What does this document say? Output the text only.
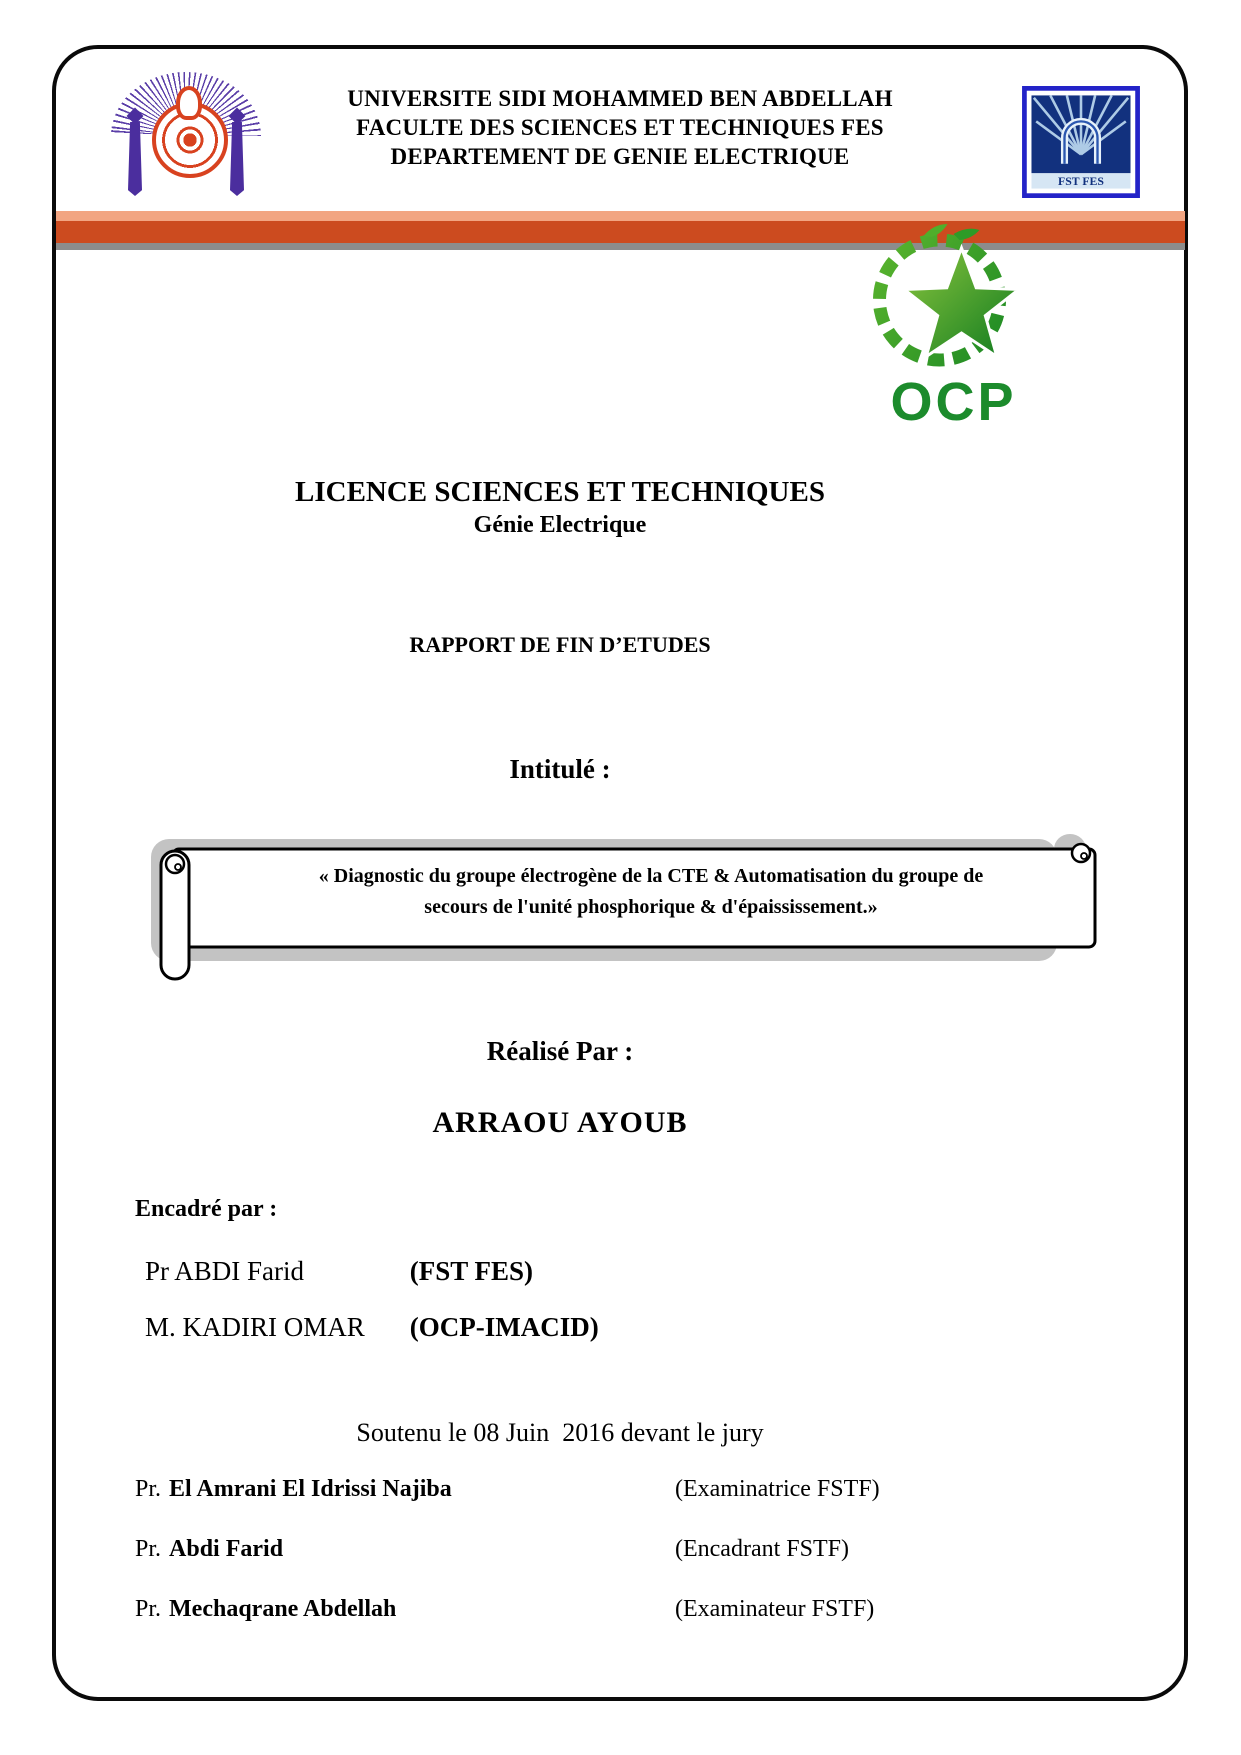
UNIVERSITE SIDI MOHAMMED BEN ABDELLAH
FACULTE DES SCIENCES ET TECHNIQUES FES
DEPARTEMENT DE GENIE ELECTRIQUE
FST FES
OCP
LICENCE SCIENCES ET TECHNIQUES
Génie Electrique
RAPPORT DE FIN D’ETUDES
Intitulé :
« Diagnostic du groupe électrogène de la CTE & Automatisation du groupe de
secours de l'unité phosphorique & d'épaississement.»
Réalisé Par :
ARRAOU AYOUB
Encadré par :
Pr ABDI Farid	(FST FES)
M. KADIRI OMAR (OCP-IMACID)
Soutenu le 08 Juin  2016 devant le jury
Pr. El Amrani El Idrissi Najiba	(Examinatrice FSTF)
Pr. Abdi Farid	(Encadrant FSTF)
Pr. Mechaqrane Abdellah	(Examinateur FSTF)
